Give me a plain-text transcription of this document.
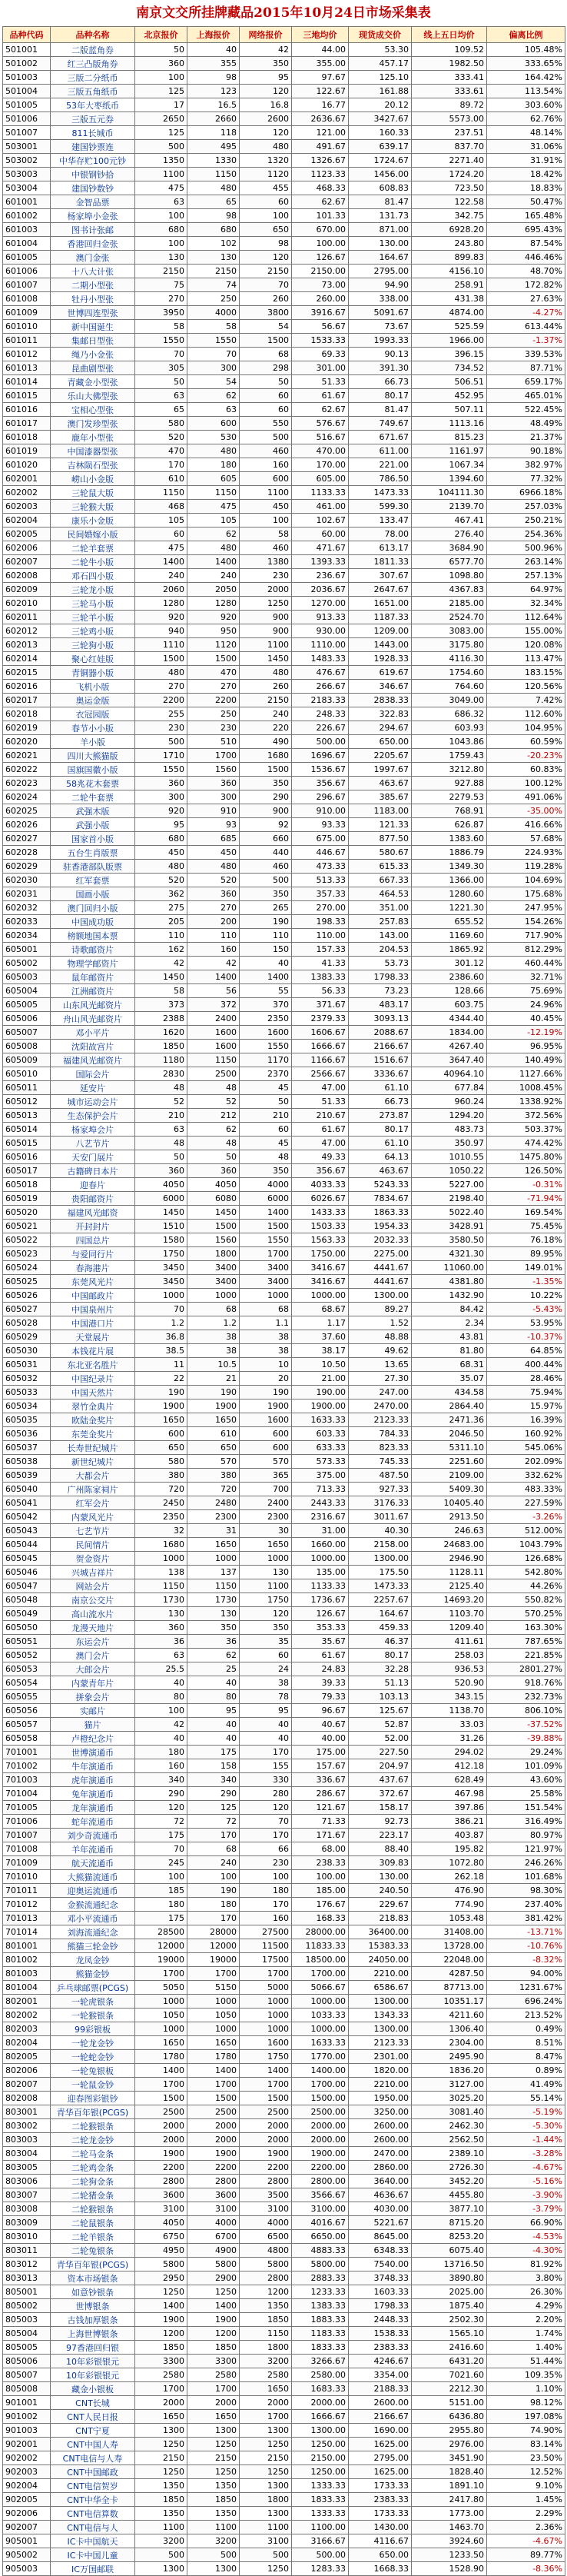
南京文交所挂牌藏品2015年10月24日市场采集表
品种代码	品种名称	北京报价	上海报价	网络报价	三地均价	现货成交价	线上五日均价	偏离比例
501001	二版蓝角券	50	40	42	44.00	53.30	109.52	105.48%
501002	红三凸版角券	360	355	350	355.00	457.17	1982.50	333.65%
501003	三版二分纸币	100	98	95	97.67	125.10	333.41	164.42%
501004	三版五角纸币	125	123	120	122.67	161.88	333.61	113.54%
501005	53年大枣纸币	17	16.5	16.8	16.77	20.12	89.72	303.60%
501006	三版五元券	2650	2660	2600	2636.67	3427.67	5573.00	62.76%
501007	811长城币	125	118	120	121.00	160.33	237.51	48.14%
503001	建国钞票连	500	495	480	491.67	639.17	837.70	31.06%
503002	中华存贮100元钞	1350	1330	1320	1326.67	1724.67	2271.40	31.91%
503003	中银钢钞拾	1100	1150	1120	1123.33	1456.00	1724.20	18.42%
503004	建国钞数钞	475	480	455	468.33	608.83	723.50	18.83%
601001	金智品票	63	65	60	62.67	81.47	122.58	50.47%
601002	杨家埠小金张	100	98	100	101.33	131.73	342.75	165.48%
601003	图书计张邮	680	680	650	670.00	871.00	6928.20	695.43%
601004	香港回归金张	100	102	98	100.00	130.00	243.80	87.54%
601005	澳门金张	130	130	120	126.67	164.67	899.83	446.46%
601006	十八大计张	2150	2150	2150	2150.00	2795.00	4156.10	48.70%
601007	二期小型张	75	74	70	73.00	94.90	258.91	172.82%
601008	牡丹小型张	270	250	260	260.00	338.00	431.38	27.63%
601009	世博四连型张	3950	4000	3800	3916.67	5091.67	4874.00	-4.27%
601010	新中国诞生	58	58	54	56.67	73.67	525.59	613.44%
601011	集邮日型张	1550	1550	1500	1533.33	1993.33	1966.00	-1.37%
601012	绳乃小金张	70	70	68	69.33	90.13	396.15	339.53%
601013	昆曲剧型张	305	300	298	301.00	391.30	734.52	87.71%
601014	青藏金小型张	50	54	50	51.33	66.73	506.51	659.17%
601015	乐山大佛型张	63	62	60	61.67	80.17	452.95	465.01%
601016	宝相心型张	65	63	60	62.67	81.47	507.11	522.45%
601017	澳门发珍型张	580	600	550	576.67	749.67	1113.16	48.49%
601018	鹿年小型张	520	530	500	516.67	671.67	815.23	21.37%
601019	中国漆器型张	470	480	460	470.00	611.00	1161.97	90.18%
601020	吉林陨石型张	170	180	160	170.00	221.00	1067.34	382.97%
602001	崂山小金版	610	605	600	605.00	786.50	1394.60	77.32%
602002	三轮鼠大版	1150	1150	1100	1133.33	1473.33	104111.30	6966.18%
602003	三轮猴大版	468	475	450	461.00	599.30	2139.70	257.03%
602004	康乐小金版	105	105	100	102.67	133.47	467.41	250.21%
602005	民间婚嫁小版	60	62	58	60.00	78.00	276.40	254.36%
602006	二轮羊套票	475	480	460	471.67	613.17	3684.90	500.96%
602007	二轮牛小版	1400	1400	1380	1393.33	1811.33	6577.70	263.14%
602008	邓石四小版	240	240	230	236.67	307.67	1098.80	257.13%
602009	三轮龙小版	2060	2050	2000	2036.67	2647.67	4367.83	64.97%
602010	三轮马小版	1280	1280	1250	1270.00	1651.00	2185.00	32.34%
602011	三轮羊小版	920	920	900	913.33	1187.33	2524.70	112.64%
602012	三轮鸡小版	940	950	900	930.00	1209.00	3083.00	155.00%
602013	三轮狗小版	1110	1120	1100	1110.00	1443.00	3175.80	120.08%
602014	聚心红娃版	1500	1500	1450	1483.33	1928.33	4116.30	113.47%
602015	青铜器小版	480	470	480	476.67	619.67	1754.60	183.15%
602016	飞机小版	270	270	260	266.67	346.67	764.60	120.56%
602017	奥运金版	2200	2200	2150	2183.33	2838.33	3049.00	7.42%
602018	衣冠园版	255	250	240	248.33	322.83	686.32	112.60%
602019	春节小小版	230	230	220	226.67	294.67	603.93	104.95%
602020	羊小版	500	510	490	500.00	650.00	1043.86	60.59%
602021	四川大熊猫版	1710	1700	1680	1696.67	2205.67	1759.43	-20.23%
602022	国旗国徽小版	1550	1560	1500	1536.67	1997.67	3212.80	60.83%
602023	58兆花木套票	360	360	350	356.67	463.67	927.88	100.12%
602024	二轮牛套票	300	300	290	296.67	385.67	2279.53	491.06%
602025	武强木版	920	910	900	910.00	1183.00	768.91	-35.00%
602026	武强小版	95	93	92	93.33	121.33	626.87	416.66%
602027	国家首小版	680	685	660	675.00	877.50	1383.60	57.68%
602028	五台生肖版票	450	450	440	446.67	580.67	1886.79	224.93%
602029	驻香港部队版票	480	480	460	473.33	615.33	1349.30	119.28%
602030	红军套票	520	520	500	513.33	667.33	1366.00	104.69%
602031	国画小版	362	360	350	357.33	464.53	1280.60	175.68%
602032	澳门回归小版	275	270	265	270.00	351.00	1221.30	247.95%
602033	中国成功版	205	200	190	198.33	257.83	655.52	154.26%
602034	榜额地国本票	110	110	110	110.00	143.00	1169.60	717.90%
605001	诗歌邮资片	162	160	150	157.33	204.53	1865.92	812.29%
605002	物理学邮资片	42	42	40	41.33	53.73	301.12	460.44%
605003	鼠年邮资片	1450	1400	1400	1383.33	1798.33	2386.60	32.71%
605004	江洲邮资片	58	56	55	56.33	73.23	128.66	75.69%
605005	山东风光邮资片	373	372	370	371.67	483.17	603.75	24.96%
605006	舟山风光邮资片	2388	2400	2350	2379.33	3093.13	4344.40	40.45%
605007	邓小平片	1620	1600	1600	1606.67	2088.67	1834.00	-12.19%
605008	沈阳故宫片	1850	1600	1550	1666.67	2166.67	4267.40	96.95%
605009	福建风光邮资片	1180	1150	1170	1166.67	1516.67	3647.40	140.49%
605010	国际会片	2830	2500	2370	2566.67	3336.67	40964.10	1127.66%
605011	延安片	48	48	45	47.00	61.10	677.84	1008.45%
605012	城市运动会片	52	52	50	51.33	66.73	960.24	1338.92%
605013	生态保护会片	210	212	210	210.67	273.87	1294.20	372.56%
605014	杨家埠会片	63	62	60	61.67	80.17	483.73	503.37%
605015	八艺节片	48	48	45	47.00	61.10	350.97	474.42%
605016	天安门展片	50	50	48	49.33	64.13	1010.55	1475.80%
605017	古籍碑日本片	360	360	350	356.67	463.67	1050.22	126.50%
605018	迎春片	4050	4050	4000	4033.33	5243.33	5227.00	-0.31%
605019	贵阳邮资片	6000	6080	6000	6026.67	7834.67	2198.40	-71.94%
605020	福建风光邮资	1450	1450	1400	1433.33	1863.33	5022.40	169.54%
605021	开封封片	1510	1500	1500	1503.33	1954.33	3428.91	75.45%
605022	四国总片	1580	1560	1550	1563.33	2032.33	3580.50	76.18%
605023	与爱同行片	1750	1800	1700	1750.00	2275.00	4321.30	89.95%
605024	春海港片	3450	3400	3400	3416.67	4441.67	11060.00	149.01%
605025	东莞风光片	3450	3400	3400	3416.67	4441.67	4381.80	-1.35%
605026	中国邮政片	1000	1000	1000	1000.00	1300.00	1432.90	10.22%
605027	中国泉州片	70	68	68	68.67	89.27	84.42	-5.43%
605028	中国港口片	1.2	1.2	1.1	1.17	1.52	2.34	53.95%
605029	天堂展片	36.8	38	38	37.60	48.88	43.81	-10.37%
605030	本钱花片展	38.5	38	38	38.17	49.62	81.80	64.85%
605031	东北亚名胜片	11	10.5	10	10.50	13.65	68.31	400.44%
605032	中国纪录片	22	21	20	21.00	27.30	35.07	28.46%
605033	中国天然片	190	190	190	190.00	247.00	434.58	75.94%
605034	翠竹金典片	1900	1900	1900	1900.00	2470.00	2864.40	15.97%
605035	欧陆金奖片	1650	1650	1600	1633.33	2123.33	2471.36	16.39%
605036	东莞金奖片	600	610	600	603.33	784.33	2046.50	160.92%
605037	长寿世纪城片	650	650	600	633.33	823.33	5311.10	545.06%
605038	新世纪城片	580	570	570	573.33	745.33	2251.60	202.09%
605039	大都会片	380	380	365	375.00	487.50	2109.00	332.62%
605040	广州陈家祠片	720	720	700	713.33	927.33	5409.30	483.33%
605041	红军会片	2450	2480	2400	2443.33	3176.33	10405.40	227.59%
605042	内蒙风光片	2350	2300	2300	2316.67	3011.67	2913.50	-3.26%
605043	七艺节片	32	31	30	31.00	40.30	246.63	512.00%
605044	民间情片	1680	1650	1650	1660.00	2158.00	24683.00	1043.79%
605045	贺金资片	1000	1000	1000	1000.00	1300.00	2946.90	126.68%
605046	兴城吉祥片	138	137	130	135.00	175.50	1128.11	542.80%
605047	网站会片	1150	1150	1100	1133.33	1473.33	2125.40	44.26%
605048	南京公交片	1730	1730	1750	1736.67	2257.67	14693.20	550.82%
605049	高山流水片	130	130	120	126.67	164.67	1103.70	570.25%
605050	龙漫天地片	360	350	350	353.33	459.33	1209.40	163.30%
605051	东运会片	36	36	35	35.67	46.37	411.61	787.65%
605052	澳门会片	63	62	60	61.67	80.17	258.03	221.85%
605053	大郎会片	25.5	25	24	24.83	32.28	936.53	2801.27%
605054	内蒙青年片	40	40	38	39.33	51.13	520.90	918.76%
605055	拼象会片	80	80	78	79.33	103.13	343.15	232.73%
605056	实邮片	100	95	95	96.67	125.67	1138.70	806.10%
605057	猫片	42	40	40	40.67	52.87	33.03	-37.52%
605058	卢橙纪念片	40	40	40	40.00	52.00	31.26	-39.88%
701001	世博演通币	180	175	170	175.00	227.50	294.02	29.24%
701002	牛年演通币	160	158	155	157.67	204.97	412.18	101.09%
701003	虎年演通币	340	340	330	336.67	437.67	628.49	43.60%
701004	兔年演通币	290	290	280	286.67	372.67	467.98	25.58%
701005	龙年演通币	120	125	120	121.67	158.17	397.86	151.54%
701006	蛇年流通币	72	72	70	71.33	92.73	386.21	316.49%
701007	刘少奇流通币	175	170	170	171.67	223.17	403.87	80.97%
701008	羊年流通币	70	68	66	68.00	88.40	195.82	121.97%
701009	航天流通币	245	240	230	238.33	309.83	1072.80	246.26%
701010	大熊猫流通币	100	100	100	100.00	130.00	262.18	101.68%
701011	迎奥运流通币	185	190	180	185.00	240.50	476.90	98.30%
701012	金猴流通纪念	180	180	170	176.67	229.67	774.90	237.40%
701013	邓小平流通币	175	170	160	168.33	218.83	1053.48	381.42%
701014	刘海流通纪念	28500	28000	27500	28000.00	36400.00	31408.00	-13.71%
801001	熊猫三轮金钞	12000	12000	11500	11833.33	15383.33	13728.00	-10.76%
801002	龙凤金钞	19000	19000	17500	18500.00	24050.00	22048.00	-8.32%
801003	熊猫金钞	1700	1700	1700	1700.00	2210.00	4287.50	94.00%
801004	乒乓球邮票(PCGS)	5050	5150	5000	5066.67	6586.67	87713.00	1231.67%
802001	一轮虎银条	1000	1000	1000	1000.00	1300.00	10351.17	696.24%
802002	一轮猴银条	1050	1050	1000	1033.33	1343.33	4211.60	213.52%
802003	99彩银板	1000	1000	1000	1000.00	1300.00	1306.40	0.49%
802004	一轮龙金钞	1650	1650	1600	1633.33	2123.33	2304.00	8.51%
802005	一轮蛇金钞	1780	1780	1750	1770.00	2301.00	2495.90	8.47%
802006	一轮兔银板	1400	1400	1400	1400.00	1820.00	1836.20	0.89%
802007	一轮鼠金钞	1700	1700	1700	1700.00	2210.00	3127.00	41.49%
802008	迎春图彩银钞	1500	1500	1500	1500.00	1950.00	3025.20	55.14%
803001	青华百年银(PCGS)	2500	2500	2500	2500.00	3250.00	3081.40	-5.19%
803002	二轮猴银条	2000	2000	2000	2000.00	2600.00	2462.30	-5.30%
803003	二轮龙金钞	2000	2000	2000	2000.00	2600.00	2562.50	-1.44%
803004	二轮马金条	1900	1900	1900	1900.00	2470.00	2389.10	-3.28%
803005	二轮鸡金条	2200	2200	2200	2200.00	2860.00	2726.30	-4.67%
803006	二轮狗金条	2800	2800	2800	2800.00	3640.00	3452.20	-5.16%
803007	二轮猪金条	3600	3600	3500	3566.67	4636.67	4455.80	-3.90%
803008	二轮猴银条	3100	3100	3100	3100.00	4030.00	3877.10	-3.79%
803009	二轮鼠银条	4050	4000	4000	4016.67	5221.67	8715.20	66.90%
803010	二轮羊银条	6750	6700	6500	6650.00	8645.00	8253.20	-4.53%
803011	二轮兔银条	4950	4900	4800	4883.33	6348.33	6075.40	-4.30%
803012	青华百年银(PCGS)	5800	5800	5800	5800.00	7540.00	13716.50	81.92%
803013	资本市场银条	2950	2900	2800	2883.33	3748.33	3890.80	3.80%
805001	如意钞银条	1250	1250	1200	1233.33	1603.33	2025.00	26.30%
805002	世博银条	1400	1400	1350	1383.33	1798.33	1875.40	4.29%
805003	古钱加厚银条	1900	1900	1850	1883.33	2448.33	2502.30	2.20%
805004	上海世博银条	1200	1200	1150	1183.33	1538.33	1565.10	1.74%
805005	97香港回归银	1850	1850	1800	1833.33	2383.33	2416.60	1.40%
805006	10年彩银银元	3300	3300	3200	3266.67	4246.67	6431.20	51.44%
805007	10年彩银银元	2580	2580	2580	2580.00	3354.00	7021.60	109.35%
805008	藏金小银板	1700	1700	1650	1683.33	2188.33	2212.30	1.10%
901001	CNT长城	2000	2000	2000	2000.00	2600.00	5151.00	98.12%
901002	CNT人民日报	1650	1650	1700	1666.67	2166.67	6436.80	197.08%
901003	CNT宁夏	1300	1300	1300	1300.00	1690.00	2955.80	74.90%
902001	CNT中国人寿	1250	1250	1250	1250.00	1625.00	2976.00	83.14%
902002	CNT电信与人寿	2150	2150	2150	2150.00	2795.00	3451.90	23.50%
902003	CNT中国邮政	1250	1250	1250	1250.00	1625.00	1828.40	12.52%
902004	CNT电信贺岁	1350	1350	1300	1333.33	1733.33	1891.10	9.10%
902005	CNT中华全卡	1850	1850	1800	1833.33	2383.33	2417.80	1.45%
902006	CNT电信算数	1350	1350	1300	1333.33	1733.33	1773.00	2.29%
902007	CNT电信与人	1100	1100	1100	1100.00	1430.00	1463.70	2.36%
905001	IC卡中国航天	3200	3200	3100	3166.67	4116.67	3924.60	-4.67%
905002	IC卡中国儿童	500	500	500	500.00	650.00	1233.50	89.77%
905003	IC万国邮联	1300	1300	1250	1283.33	1668.33	1528.90	-8.36%
